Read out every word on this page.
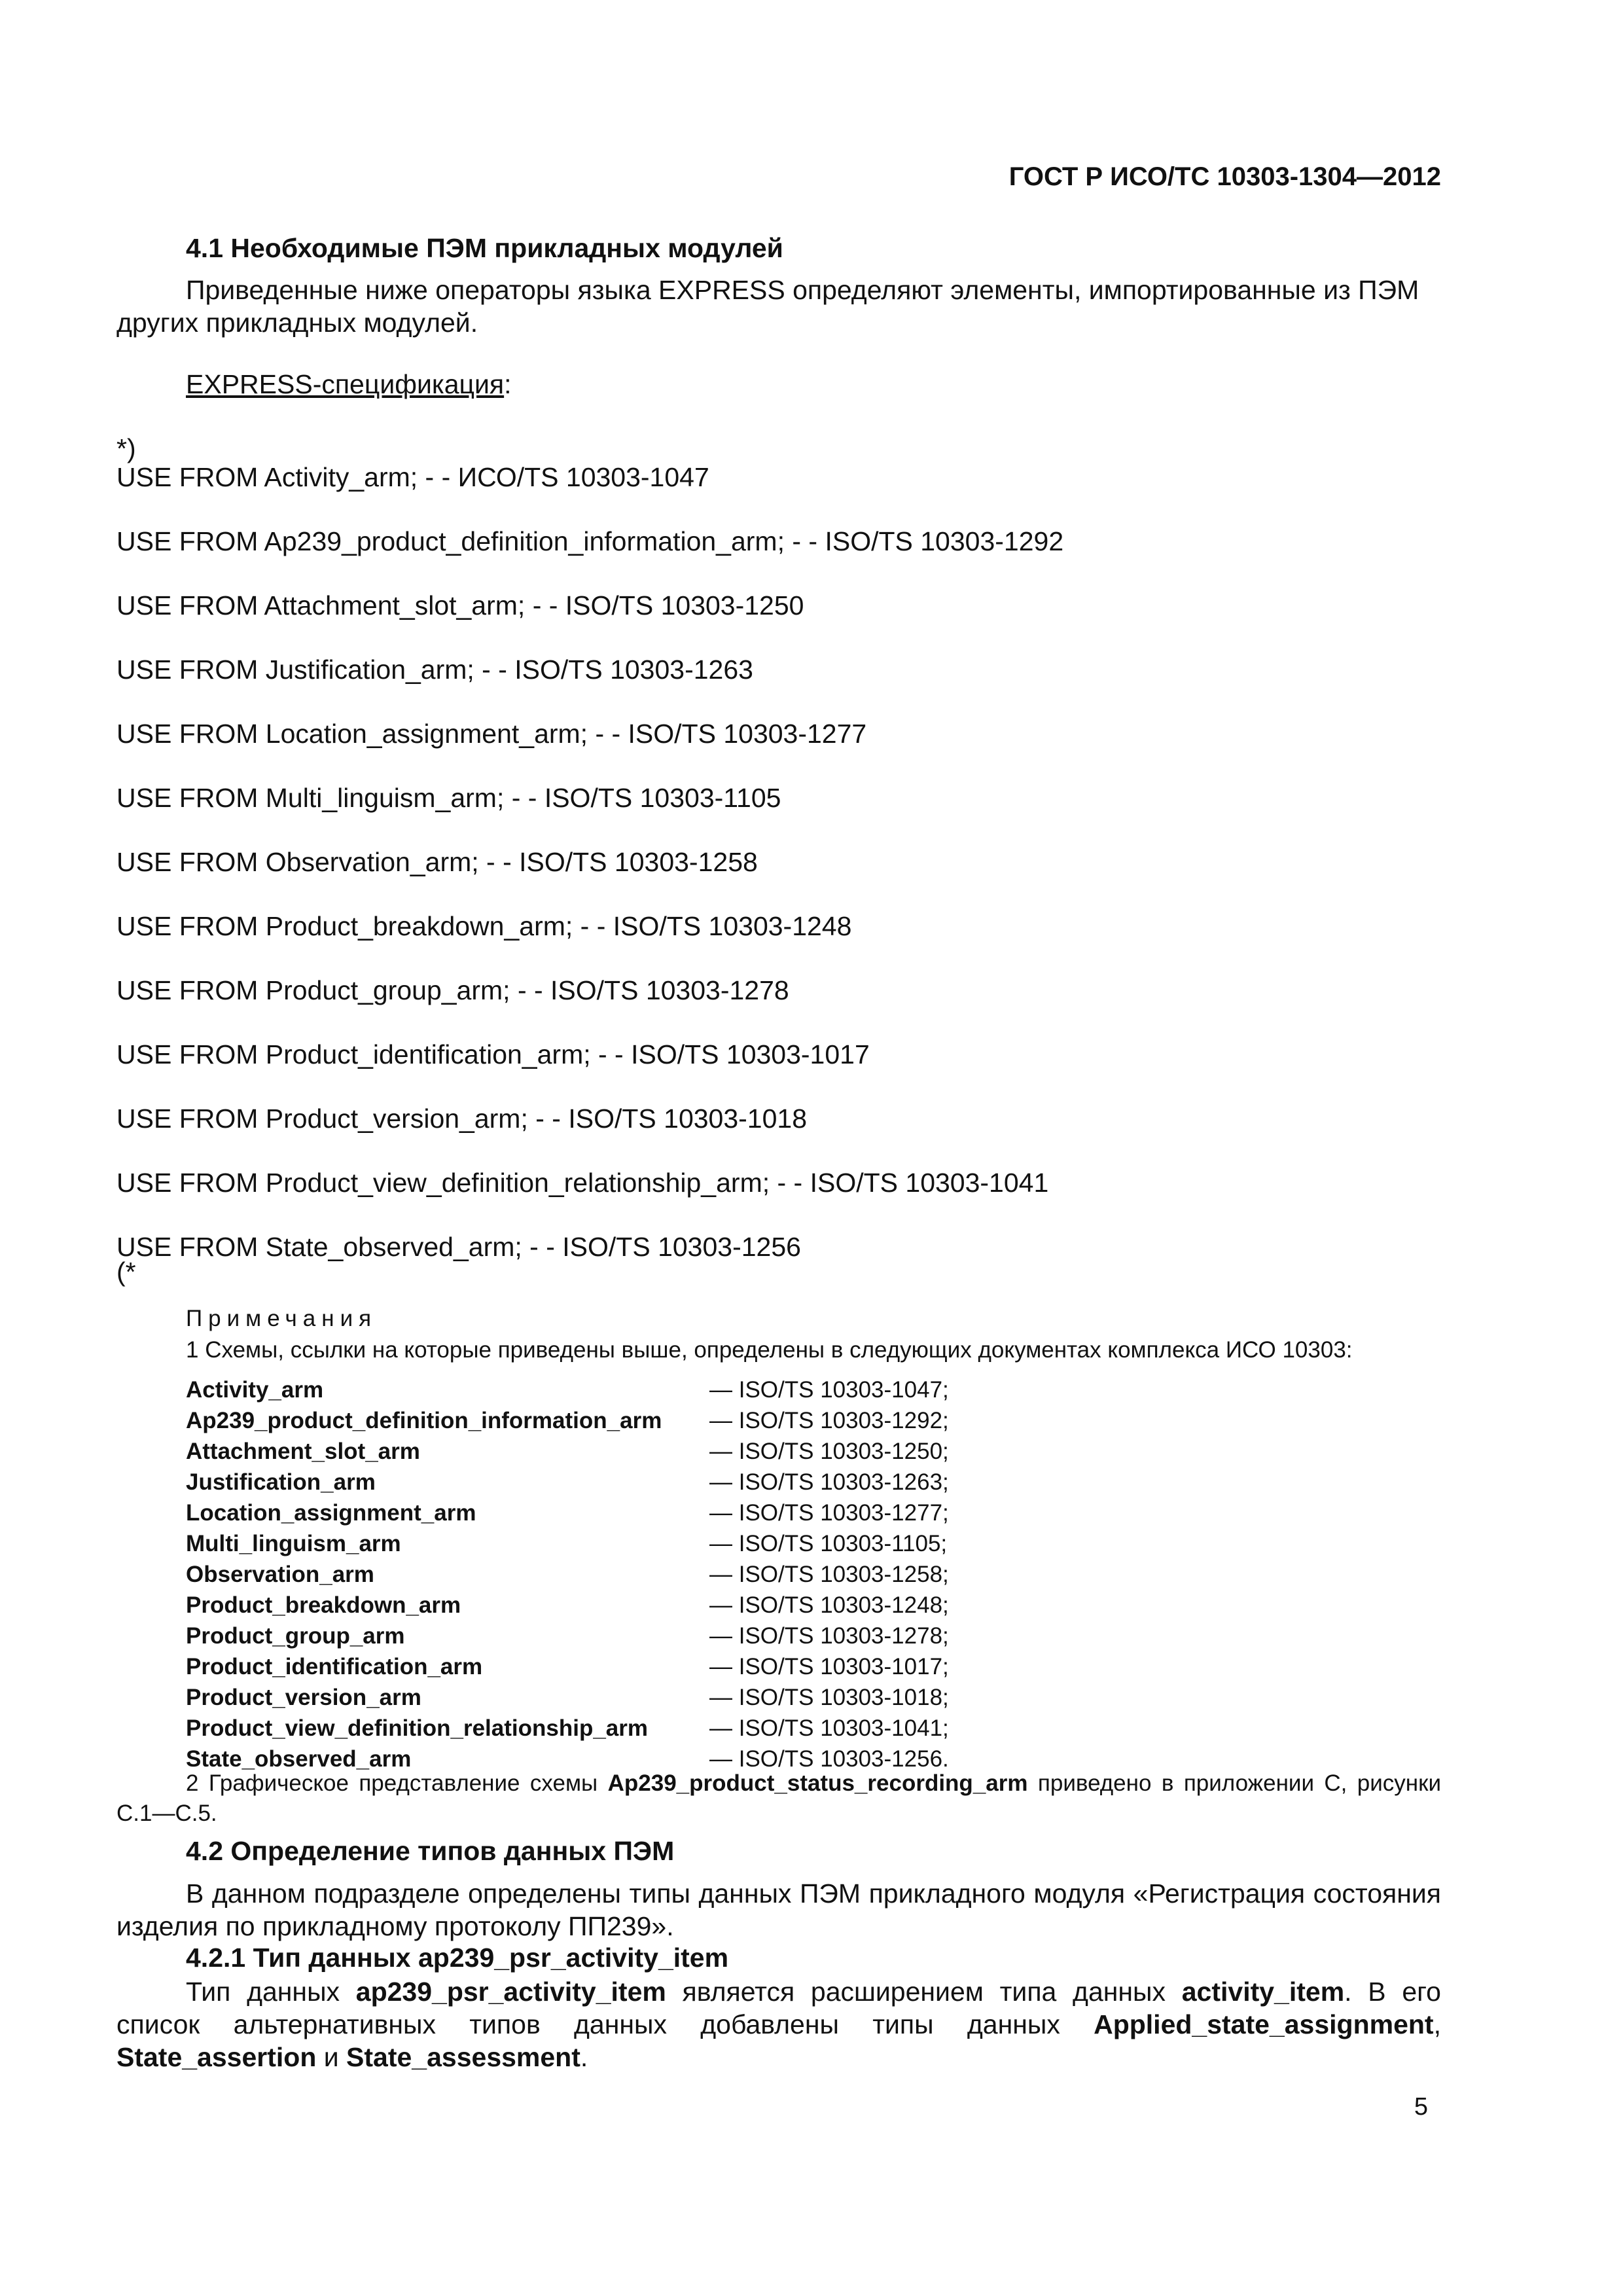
ГОСТ Р ИСО/ТС 10303-1304—2012
4.1 Необходимые ПЭМ прикладных модулей
Приведенные ниже операторы языка EXPRESS определяют элементы, импортированные из ПЭМ
других прикладных модулей.
EXPRESS-спецификация:
*)
USE FROM Activity_arm; - - ИСО/TS 10303-1047
USE FROM Ap239_product_definition_information_arm; - - ISO/TS 10303-1292
USE FROM Attachment_slot_arm; - - ISO/TS 10303-1250
USE FROM Justification_arm; - - ISO/TS 10303-1263
USE FROM Location_assignment_arm; - - ISO/TS 10303-1277
USE FROM Multi_linguism_arm; - - ISO/TS 10303-1105
USE FROM Observation_arm; - - ISO/TS 10303-1258
USE FROM Product_breakdown_arm; - - ISO/TS 10303-1248
USE FROM Product_group_arm; - - ISO/TS 10303-1278
USE FROM Product_identification_arm; - - ISO/TS 10303-1017
USE FROM Product_version_arm; - - ISO/TS 10303-1018
USE FROM Product_view_definition_relationship_arm; - - ISO/TS 10303-1041
USE FROM State_observed_arm; - - ISO/TS 10303-1256
(*
Примечания
1 Схемы, ссылки на которые приведены выше, определены в следующих документах комплекса ИСО 10303:
Activity_arm	— ISO/TS 10303-1047;
Ap239_product_definition_information_arm — ISO/TS 10303-1292;
Attachment_slot_arm	— ISO/TS 10303-1250;
Justification_arm	— ISO/TS 10303-1263;
Location_assignment_arm	— ISO/TS 10303-1277;
Multi_linguism_arm	— ISO/TS 10303-1105;
Observation_arm	— ISO/TS 10303-1258;
Product_breakdown_arm	— ISO/TS 10303-1248;
Product_group_arm	— ISO/TS 10303-1278;
Product_identification_arm	— ISO/TS 10303-1017;
Product_version_arm	— ISO/TS 10303-1018;
Product_view_definition_relationship_arm	— ISO/TS 10303-1041;
State_observed_arm	— ISO/TS 10303-1256.
2 Графическое представление схемы Ap239_product_status_recording_arm приведено в приложении С, рисунки С.1—С.5.
4.2 Определение типов данных ПЭМ
В данном подразделе определены типы данных ПЭМ прикладного модуля «Регистрация состояния изделия по прикладному протоколу ПП239».
4.2.1 Тип данных ap239_psr_activity_item
Тип данных ap239_psr_activity_item является расширением типа данных activity_item. В его список альтернативных типов данных добавлены типы данных Applied_state_assignment, State_assertion и State_assessment.
5
